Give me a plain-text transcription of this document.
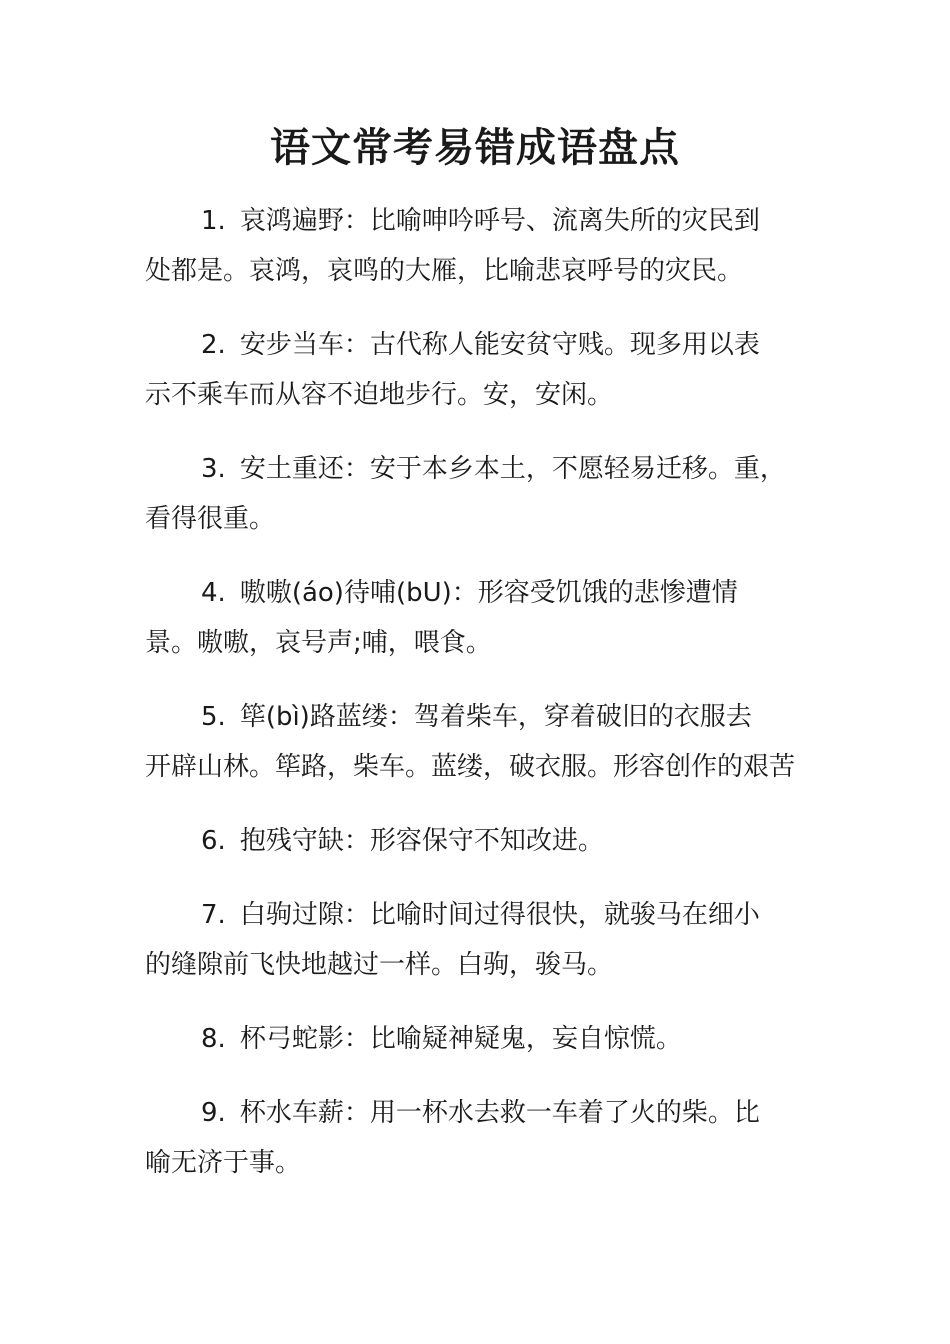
语文常考易错成语盘点
1. 哀鸿遍野：比喻呻吟呼号、流离失所的灾民到
处都是。哀鸿，哀鸣的大雁，比喻悲哀呼号的灾民。
2. 安步当车：古代称人能安贫守贱。现多用以表
示不乘车而从容不迫地步行。安，安闲。
3. 安土重还：安于本乡本土，不愿轻易迁移。重，
看得很重。
4. 嗷嗷(áo)待哺(bU)：形容受饥饿的悲惨遭情
景。嗷嗷，哀号声;哺，喂食。
5. 筚(bì)路蓝缕：驾着柴车，穿着破旧的衣服去
开辟山林。筚路，柴车。蓝缕，破衣服。形容创作的艰苦
6. 抱残守缺：形容保守不知改进。
7. 白驹过隙：比喻时间过得很快，就骏马在细小
的缝隙前飞快地越过一样。白驹，骏马。
8. 杯弓蛇影：比喻疑神疑鬼，妄自惊慌。
9. 杯水车薪：用一杯水去救一车着了火的柴。比
喻无济于事。
